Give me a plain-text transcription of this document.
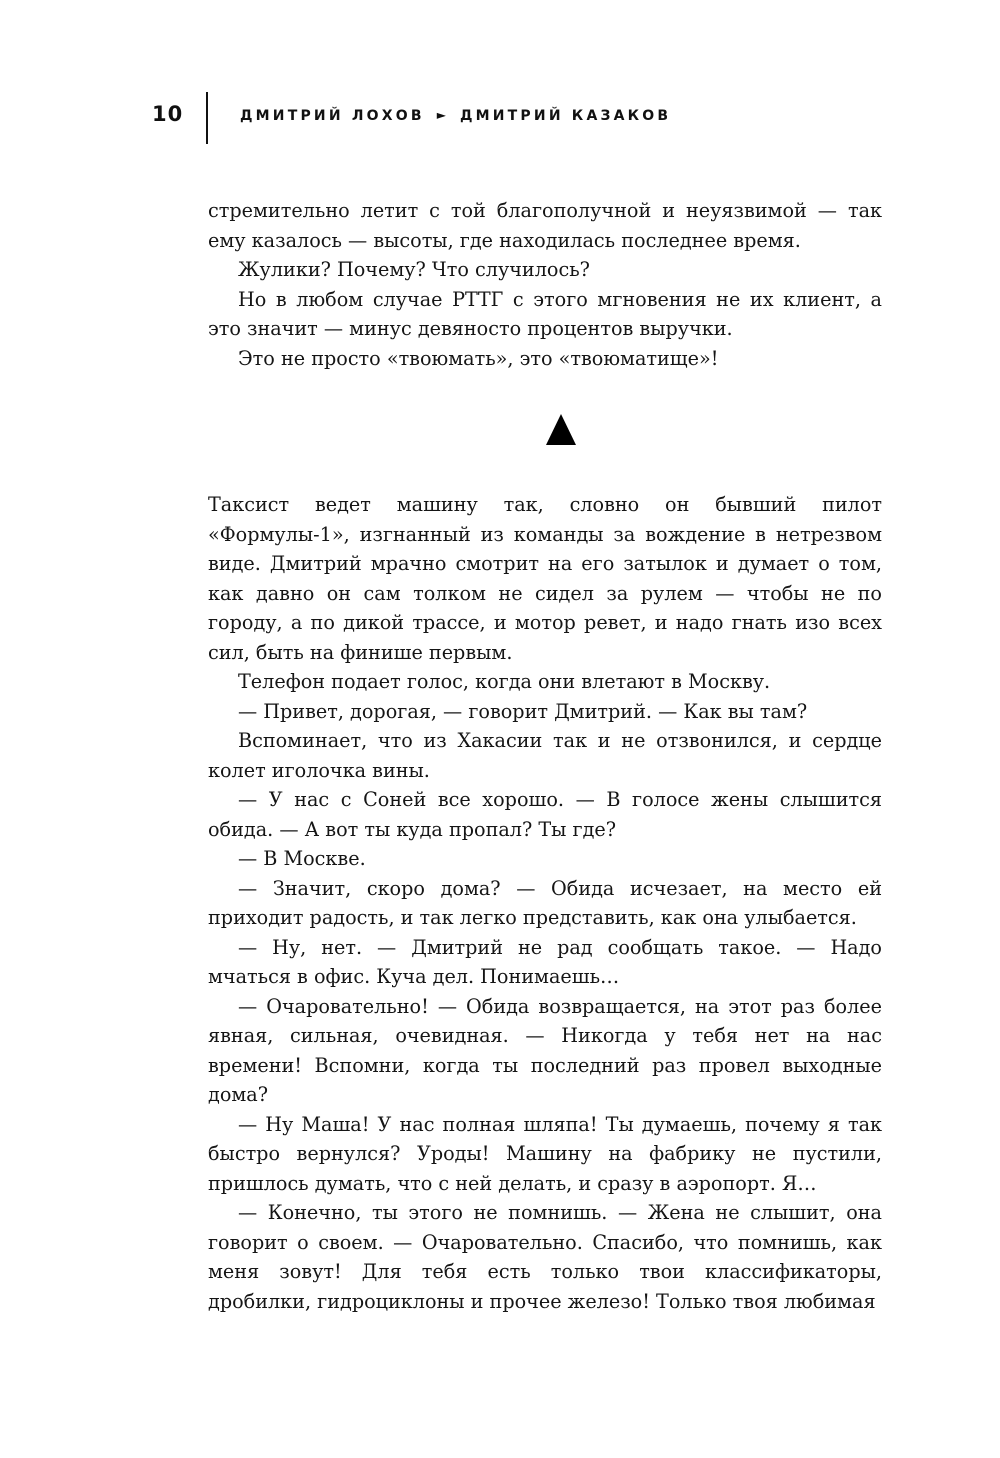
10	ДМИТРИЙ ЛОХОВ ► ДМИТРИЙ КАЗАКОВ

стремительно летит с той благополучной и неуязвимой — так ему казалось — высоты, где находилась последнее время.

Жулики? Почему? Что случилось?

Но в любом случае РТТГ с этого мгновения не их клиент, а это значит — минус девяносто процентов выручки.

Это не просто «твоюмать», это «твоюматище»!

Таксист ведет машину так, словно он бывший пилот «Формулы-1», изгнанный из команды за вождение в нетрезвом виде. Дмитрий мрачно смотрит на его затылок и думает о том, как давно он сам толком не сидел за рулем — чтобы не по городу, а по дикой трассе, и мотор ревет, и надо гнать изо всех сил, быть на финише первым.

Телефон подает голос, когда они влетают в Москву.

— Привет, дорогая, — говорит Дмитрий. — Как вы там?

Вспоминает, что из Хакасии так и не отзвонился, и сердце колет иголочка вины.

— У нас с Соней все хорошо. — В голосе жены слышится обида. — А вот ты куда пропал? Ты где?

— В Москве.

— Значит, скоро дома? — Обида исчезает, на место ей приходит радость, и так легко представить, как она улыбается.

— Ну, нет. — Дмитрий не рад сообщать такое. — Надо мчаться в офис. Куча дел. Понимаешь…

— Очаровательно! — Обида возвращается, на этот раз более явная, сильная, очевидная. — Никогда у тебя нет на нас времени! Вспомни, когда ты последний раз провел выходные дома?

— Ну Маша! У нас полная шляпа! Ты думаешь, почему я так быстро вернулся? Уроды! Машину на фабрику не пустили, пришлось думать, что с ней делать, и сразу в аэропорт. Я…

— Конечно, ты этого не помнишь. — Жена не слышит, она говорит о своем. — Очаровательно. Спасибо, что помнишь, как меня зовут! Для тебя есть только твои классификаторы, дробилки, гидроциклоны и прочее железо! Только твоя любимая
